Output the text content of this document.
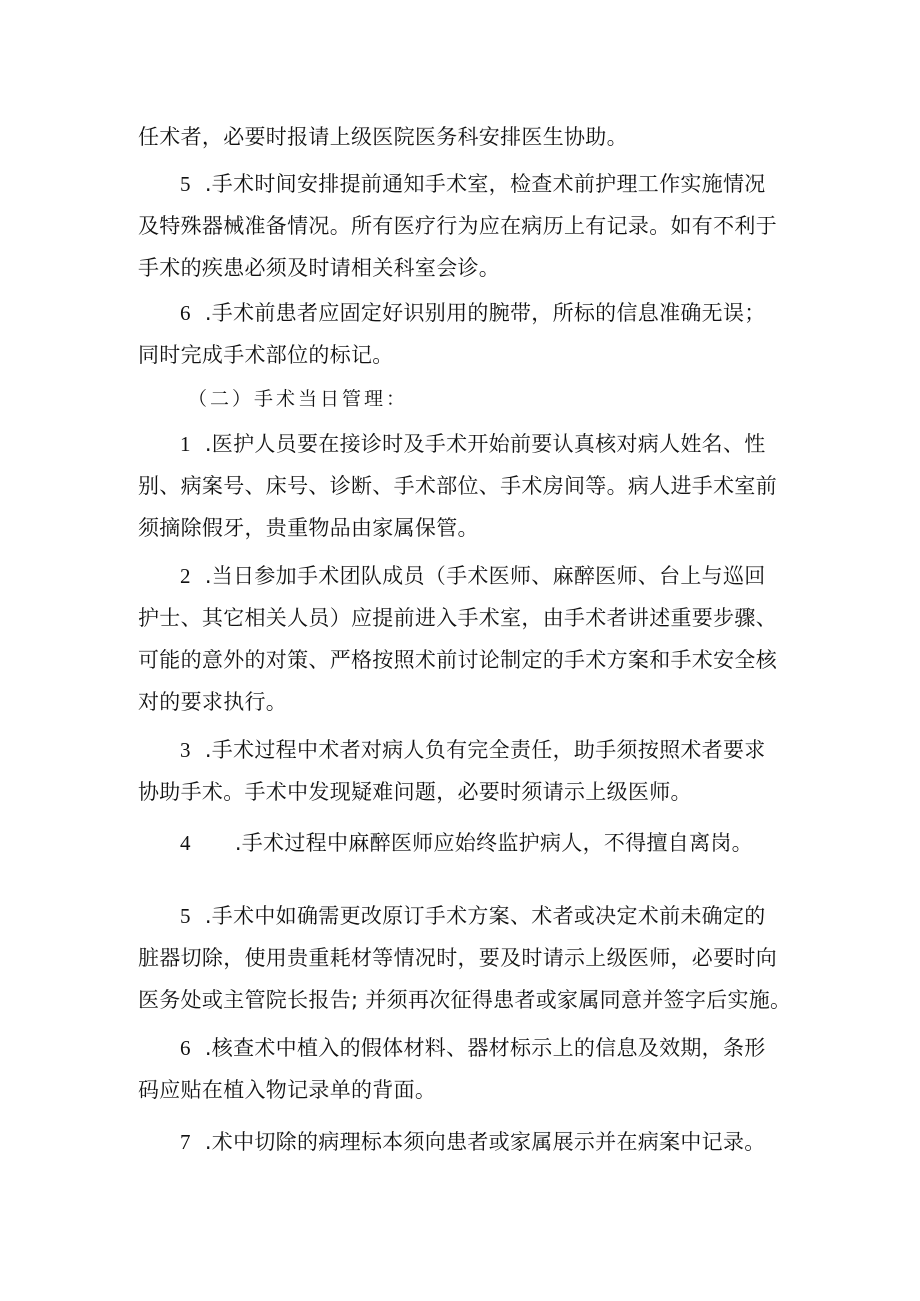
任术者，必要时报请上级医院医务科安排医生协助。
5 .手术时间安排提前通知手术室，检查术前护理工作实施情况
及特殊器械准备情况。所有医疗行为应在病历上有记录。如有不利于
手术的疾患必须及时请相关科室会诊。
6 .手术前患者应固定好识别用的腕带，所标的信息准确无误；
同时完成手术部位的标记。
（二）手术当日管理：
1 .医护人员要在接诊时及手术开始前要认真核对病人姓名、性
别、病案号、床号、诊断、手术部位、手术房间等。病人进手术室前
须摘除假牙，贵重物品由家属保管。
2 .当日参加手术团队成员（手术医师、麻醉医师、台上与巡回
护士、其它相关人员）应提前进入手术室，由手术者讲述重要步骤、
可能的意外的对策、严格按照术前讨论制定的手术方案和手术安全核
对的要求执行。
3 .手术过程中术者对病人负有完全责任，助手须按照术者要求
协助手术。手术中发现疑难问题，必要时须请示上级医师。
4 .手术过程中麻醉医师应始终监护病人，不得擅自离岗。
5 .手术中如确需更改原订手术方案、术者或决定术前未确定的
脏器切除，使用贵重耗材等情况时，要及时请示上级医师，必要时向
医务处或主管院长报告; 并须再次征得患者或家属同意并签字后实施。
6 .核查术中植入的假体材料、器材标示上的信息及效期，条形
码应贴在植入物记录单的背面。
7 .术中切除的病理标本须向患者或家属展示并在病案中记录。
